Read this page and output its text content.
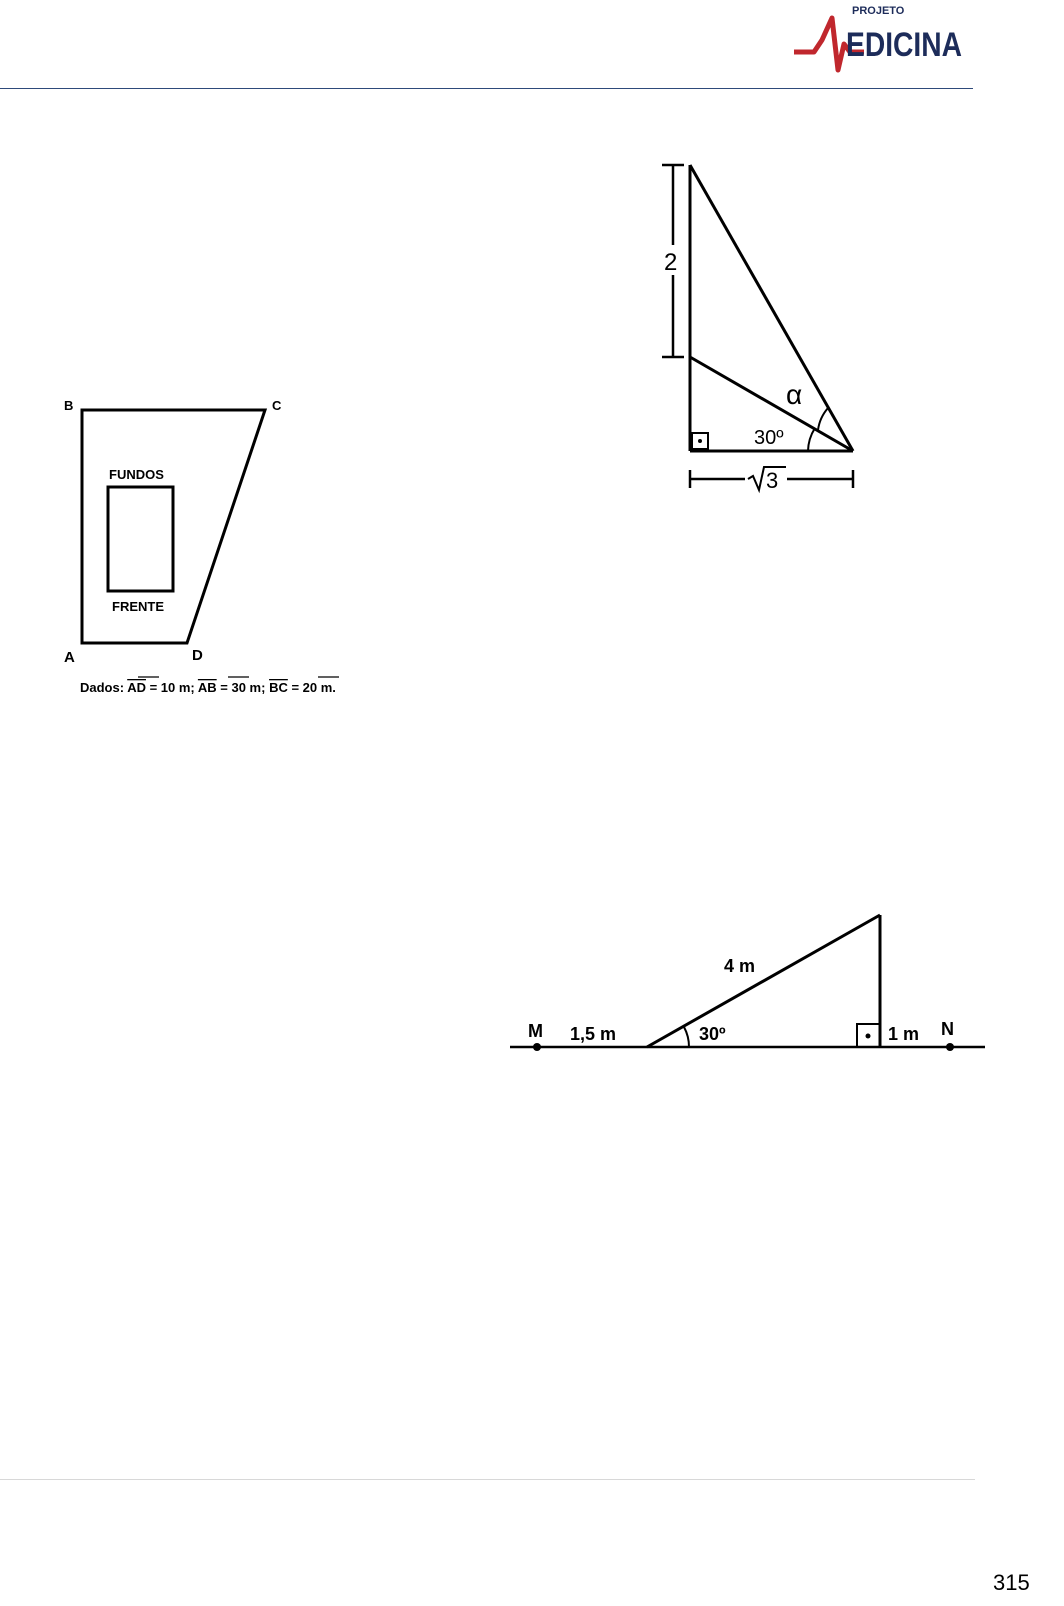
PROJETO
EDICINA
B	C
A	D
FUNDOS
FRENTE
Dados: AD = 10 m; AB = 30 m; BC = 20 m.
2
α
30º
3
4 m
M 1,5 m	30º	1 m N
315
